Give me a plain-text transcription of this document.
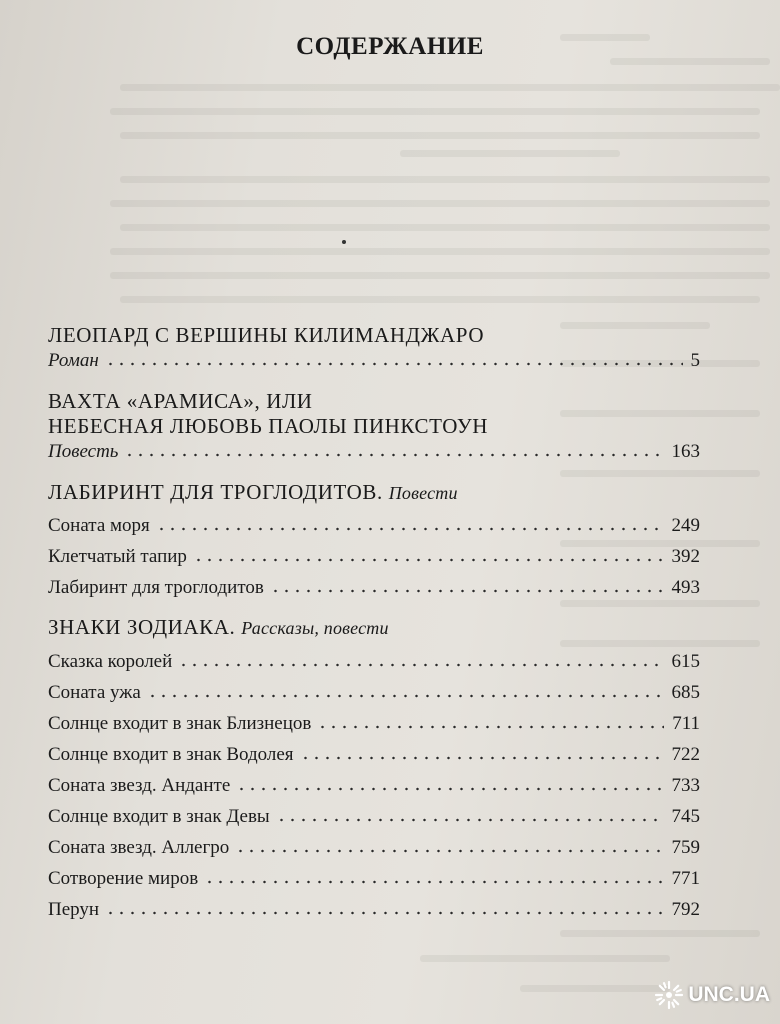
СОДЕРЖАНИЕ
ЛЕОПАРД С ВЕРШИНЫ КИЛИМАНДЖАРО
Роман	5
ВАХТА «АРАМИСА», ИЛИ
НЕБЕСНАЯ ЛЮБОВЬ ПАОЛЫ ПИНКСТОУН
Повесть	163
ЛАБИРИНТ ДЛЯ ТРОГЛОДИТОВ. Повести
Соната моря	249
Клетчатый тапир	392
Лабиринт для троглодитов	493
ЗНАКИ ЗОДИАКА. Рассказы, повести
Сказка королей	615
Соната ужа	685
Солнце входит в знак Близнецов	711
Солнце входит в знак Водолея	722
Соната звезд. Анданте	733
Солнце входит в знак Девы	745
Соната звезд. Аллегро	759
Сотворение миров	771
Перун	792
UNC.UA
